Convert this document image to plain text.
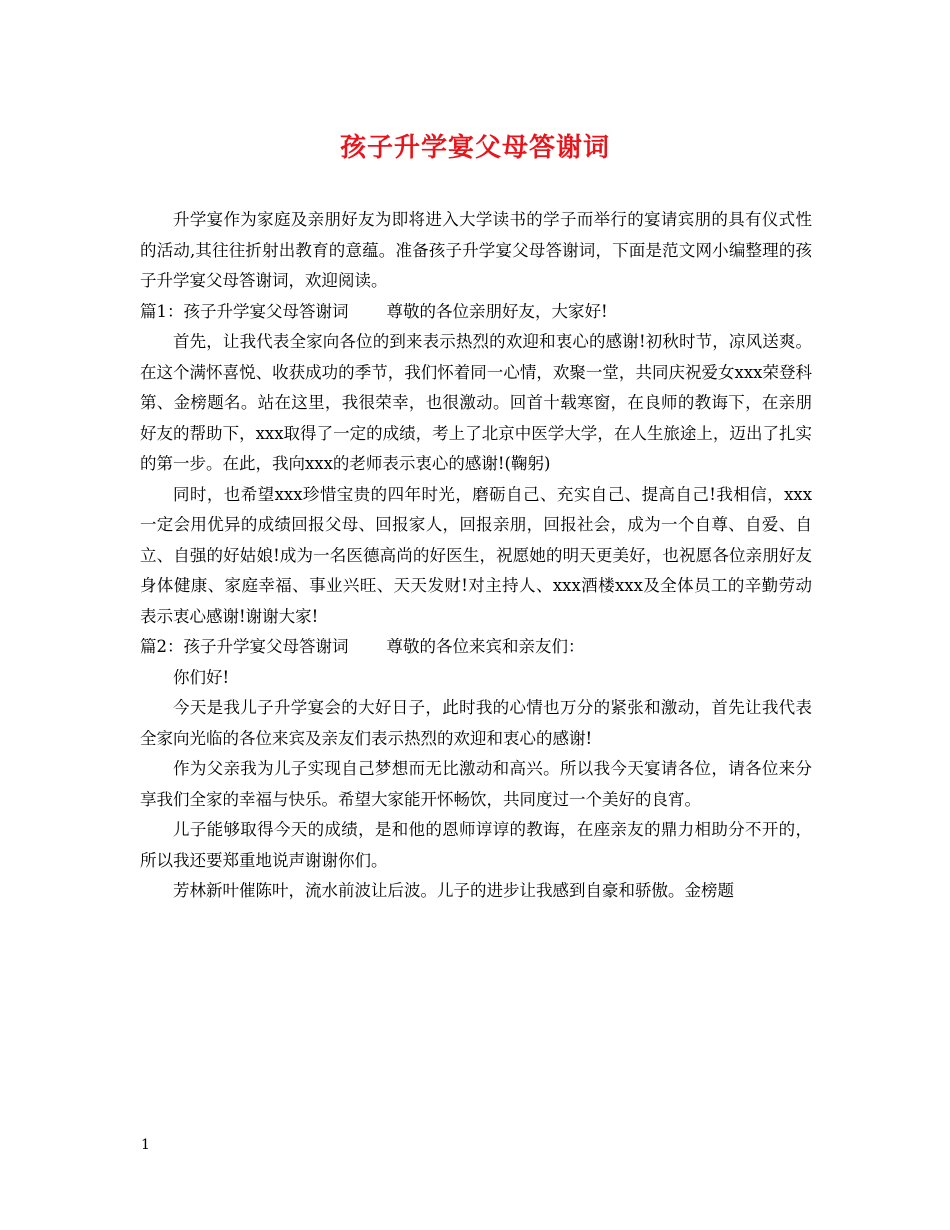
孩子升学宴父母答谢词

升学宴作为家庭及亲朋好友为即将进入大学读书的学子而举行的宴请宾朋的具有仪式性的活动,其往往折射出教育的意蕴。准备孩子升学宴父母答谢词，下面是范文网小编整理的孩子升学宴父母答谢词，欢迎阅读。

篇1：孩子升学宴父母答谢词 尊敬的各位亲朋好友，大家好!

首先，让我代表全家向各位的到来表示热烈的欢迎和衷心的感谢!初秋时节，凉风送爽。在这个满怀喜悦、收获成功的季节，我们怀着同一心情，欢聚一堂，共同庆祝爱女xxx荣登科第、金榜题名。站在这里，我很荣幸，也很激动。回首十载寒窗，在良师的教诲下，在亲朋好友的帮助下，xxx取得了一定的成绩，考上了北京中医学大学，在人生旅途上，迈出了扎实的第一步。在此，我向xxx的老师表示衷心的感谢!(鞠躬)

同时，也希望xxx珍惜宝贵的四年时光，磨砺自己、充实自己、提高自己!我相信，xxx一定会用优异的成绩回报父母、回报家人，回报亲朋，回报社会，成为一个自尊、自爱、自立、自强的好姑娘!成为一名医德高尚的好医生，祝愿她的明天更美好，也祝愿各位亲朋好友身体健康、家庭幸福、事业兴旺、天天发财!对主持人、xxx酒楼xxx及全体员工的辛勤劳动表示衷心感谢!谢谢大家!

篇2：孩子升学宴父母答谢词 尊敬的各位来宾和亲友们：

你们好!

今天是我儿子升学宴会的大好日子，此时我的心情也万分的紧张和激动，首先让我代表全家向光临的各位来宾及亲友们表示热烈的欢迎和衷心的感谢!

作为父亲我为儿子实现自己梦想而无比激动和高兴。所以我今天宴请各位，请各位来分享我们全家的幸福与快乐。希望大家能开怀畅饮，共同度过一个美好的良宵。

儿子能够取得今天的成绩，是和他的恩师谆谆的教诲，在座亲友的鼎力相助分不开的，所以我还要郑重地说声谢谢你们。

芳林新叶催陈叶，流水前波让后波。儿子的进步让我感到自豪和骄傲。金榜题

1
